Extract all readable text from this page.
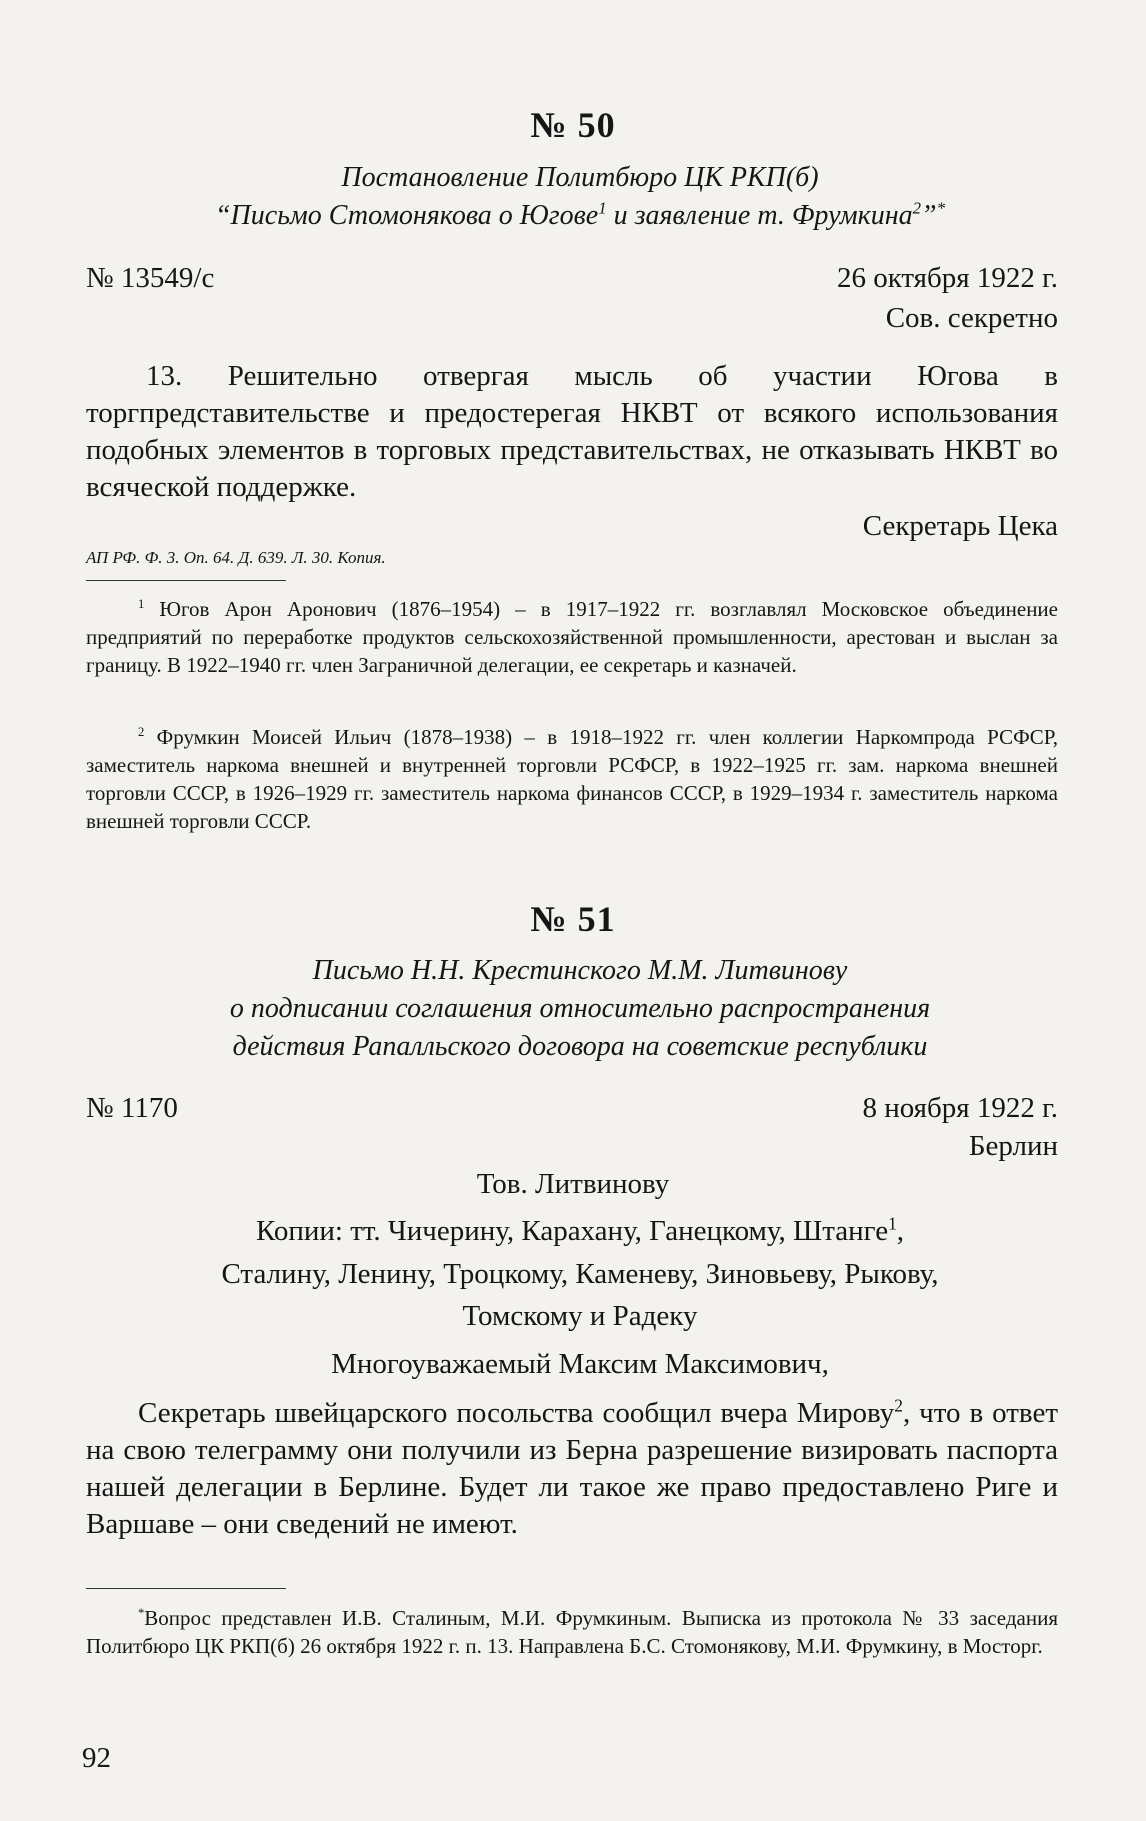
№ 50
Постановление Политбюро ЦК РКП(б)
“Письмо Стомонякова о Югове$^1$ и заявление т. Фрумкина$^2$”*
№ 13549/с	26 октября 1922 г.
Сов. секретно
13. Решительно отвергая мысль об участии Югова в торгпредставительстве и предостерегая НКВТ от всякого использования подобных элементов в торговых представительствах, не отказывать НКВТ во всяческой поддержке.
Секретарь Цека
АП РФ. Ф. 3. Оп. 64. Д. 639. Л. 30. Копия.
$^1$ Югов Арон Аронович (1876–1954) – в 1917–1922 гг. возглавлял Московское объединение предприятий по переработке продуктов сельскохозяйственной промышленности, арестован и выслан за границу. В 1922–1940 гг. член Заграничной делегации, ее секретарь и казначей.
$^2$ Фрумкин Моисей Ильич (1878–1938) – в 1918–1922 гг. член коллегии Наркомпрода РСФСР, заместитель наркома внешней и внутренней торговли РСФСР, в 1922–1925 гг. зам. наркома внешней торговли СССР, в 1926–1929 гг. заместитель наркома финансов СССР, в 1929–1934 г. заместитель наркома внешней торговли СССР.
№ 51
Письмо Н.Н. Крестинского М.М. Литвинову
о подписании соглашения относительно распространения
действия Рапалльского договора на советские республики
№ 1170	8 ноября 1922 г.
Берлин
Тов. Литвинову
Копии: тт. Чичерину, Карахану, Ганецкому, Штанге$^1$,
Сталину, Ленину, Троцкому, Каменеву, Зиновьеву, Рыкову,
Томскому и Радеку
Многоуважаемый Максим Максимович,
Секретарь швейцарского посольства сообщил вчера Мирову$^2$, что в ответ на свою телеграмму они получили из Берна разрешение визировать паспорта нашей делегации в Берлине. Будет ли такое же право предоставлено Риге и Варшаве – они сведений не имеют.
*Вопрос представлен И.В. Сталиным, М.И. Фрумкиным. Выписка из протокола № 33 заседания Политбюро ЦК РКП(б) 26 октября 1922 г. п. 13. Направлена Б.С. Стомонякову, М.И. Фрумкину, в Мосторг.
92
